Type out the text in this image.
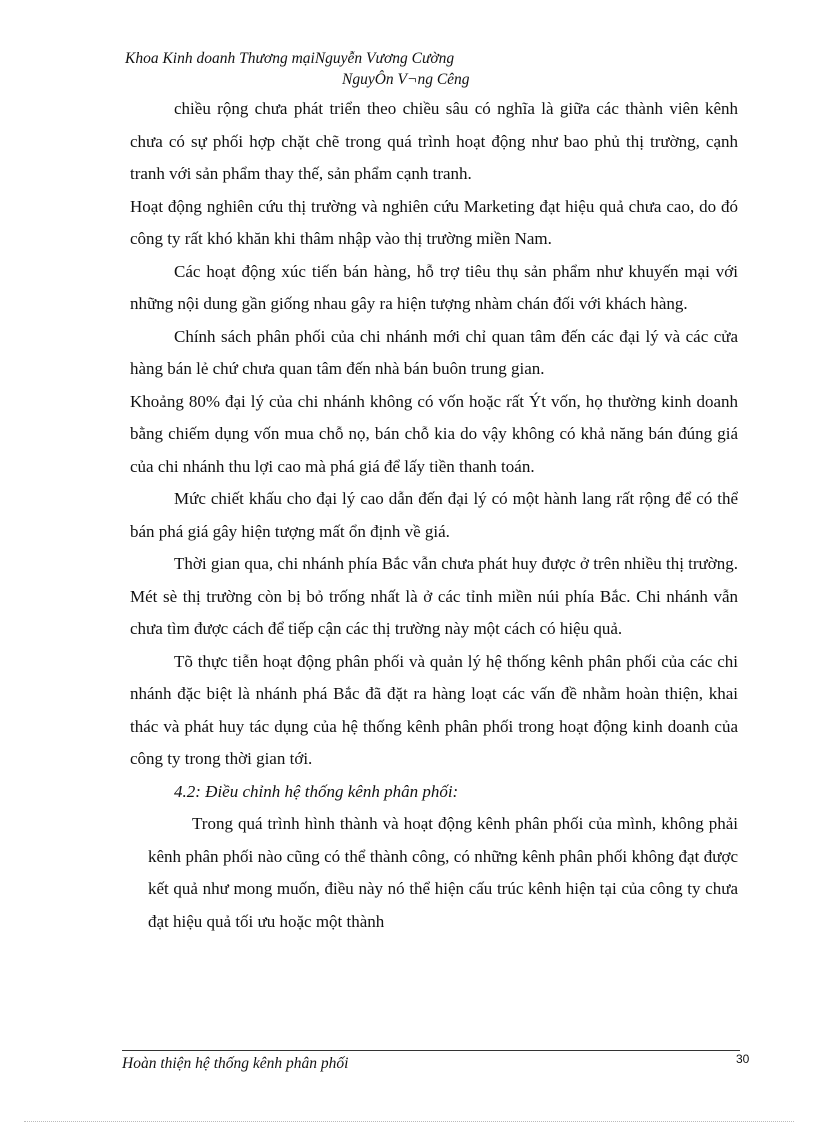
Khoa Kinh doanh Thương mạiNguyễn Vương Cường
NguyÔn V¬ng Cêng

chiều rộng chưa phát triển theo chiều sâu có nghĩa là giữa các thành viên kênh chưa có sự phối hợp chặt chẽ trong quá trình hoạt động như bao phủ thị trường, cạnh tranh với sản phẩm thay thế, sản phẩm cạnh tranh.

Hoạt động nghiên cứu thị trường và nghiên cứu Marketing đạt hiệu quả chưa cao, do đó công ty rất khó khăn khi thâm nhập vào thị trường miền Nam.

Các hoạt động xúc tiến bán hàng, hỗ trợ tiêu thụ sản phẩm như khuyến mại với những nội dung gần giống nhau gây ra hiện tượng nhàm chán đối với khách hàng.

Chính sách phân phối của chi nhánh mới chỉ quan tâm đến các đại lý và các cửa hàng bán lẻ chứ chưa quan tâm đến nhà bán buôn trung gian.

Khoảng 80% đại lý của chi nhánh không có vốn hoặc rất Ýt vốn, họ thường kinh doanh bằng chiếm dụng vốn mua chỗ nọ, bán chỗ kia do vậy không có khả năng bán đúng giá của chi nhánh thu lợi cao mà phá giá để lấy tiền thanh toán.

Mức chiết khấu cho đại lý cao dẫn đến đại lý có một hành lang rất rộng để có thể bán phá giá gây hiện tượng mất ổn định về giá.

Thời gian qua, chi nhánh phía Bắc vẫn chưa phát huy được ở trên nhiều thị trường. Mét sè thị trường còn bị bỏ trống nhất là ở các tỉnh miền núi phía Bắc. Chi nhánh vẫn chưa tìm được cách để tiếp cận các thị trường này một cách có hiệu quả.

Tõ thực tiễn hoạt động phân phối và quản lý hệ thống kênh phân phối của các chi nhánh đặc biệt là nhánh phá Bắc đã đặt ra hàng loạt các vấn đề nhằm hoàn thiện, khai thác và phát huy tác dụng của hệ thống kênh phân phối trong hoạt động kinh doanh của công ty trong thời gian tới.

4.2: Điều chỉnh hệ thống kênh phân phối:

Trong quá trình hình thành và hoạt động kênh phân phối của mình, không phải kênh phân phối nào cũng có thể thành công, có những kênh phân phối không đạt được kết quả như mong muốn, điều này nó thể hiện cấu trúc kênh hiện tại của công ty chưa đạt hiệu quả tối ưu hoặc một thành

Hoàn thiện hệ thống kênh phân phối	30
